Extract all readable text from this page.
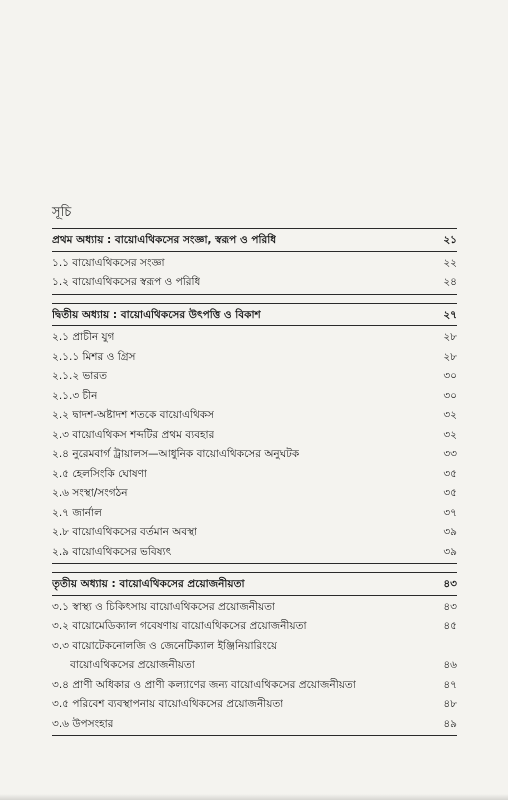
সূচি
প্রথম অধ্যায় : বায়োএথিকসের সংজ্ঞা, স্বরূপ ও পরিধি	২১
১.১ বায়োএথিকসের সংজ্ঞা	২২
১.২ বায়োএথিকসের স্বরূপ ও পরিধি	২৪
দ্বিতীয় অধ্যায় : বায়োএথিকসের উৎপত্তি ও বিকাশ	২৭
২.১ প্রাচীন যুগ	২৮
২.১.১ মিশর ও গ্রিস	২৮
২.১.২ ভারত	৩০
২.১.৩ চীন	৩০
২.২ দ্বাদশ-অষ্টাদশ শতকে বায়োএথিকস	৩২
২.৩ বায়োএথিকস শব্দটির প্রথম ব্যবহার	৩২
২.৪ নুরেমবার্গ ট্রায়ালস—আধুনিক বায়োএথিকসের অনুঘটক	৩৩
২.৫ হেলসিংকি ঘোষণা	৩৫
২.৬ সংস্থা/সংগঠন	৩৫
২.৭ জার্নাল	৩৭
২.৮ বায়োএথিকসের বর্তমান অবস্থা	৩৯
২.৯ বায়োএথিকসের ভবিষ্যৎ	৩৯
তৃতীয় অধ্যায় : বায়োএথিকসের প্রয়োজনীয়তা	৪৩
৩.১ স্বাস্থ্য ও চিকিৎসায় বায়োএথিকসের প্রয়োজনীয়তা	৪৩
৩.২ বায়োমেডিক্যাল গবেষণায় বায়োএথিকসের প্রয়োজনীয়তা	৪৫
৩.৩ বায়োটেকনোলজি ও জেনেটিক্যাল ইঞ্জিনিয়ারিংয়ে
বায়োএথিকসের প্রয়োজনীয়তা	৪৬
৩.৪ প্রাণী অধিকার ও প্রাণী কল্যাণের জন্য বায়োএথিকসের প্রয়োজনীয়তা	৪৭
৩.৫ পরিবেশ ব্যবস্থাপনায় বায়োএথিকসের প্রয়োজনীয়তা	৪৮
৩.৬ উপসংহার	৪৯
